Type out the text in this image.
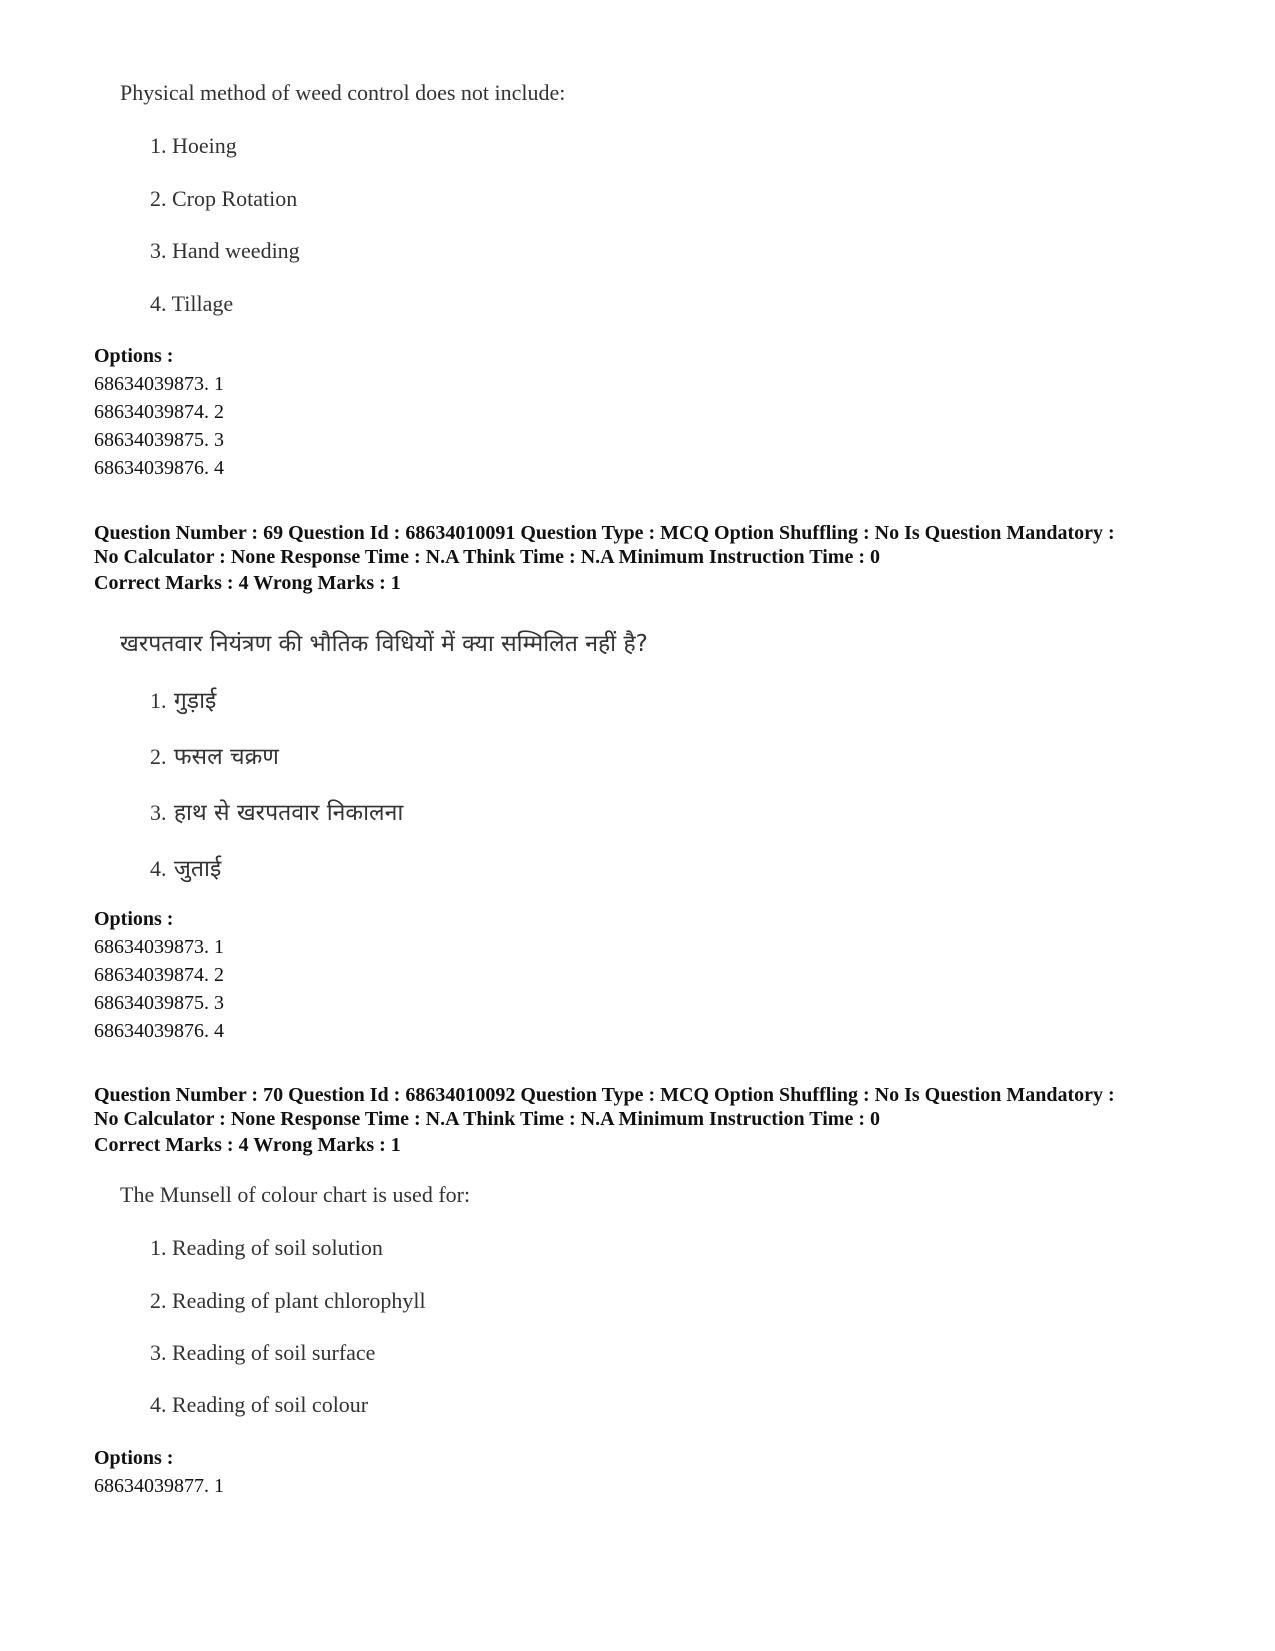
Physical method of weed control does not include:
1. Hoeing
2. Crop Rotation
3. Hand weeding
4. Tillage
Options :
68634039873. 1
68634039874. 2
68634039875. 3
68634039876. 4
Question Number : 69 Question Id : 68634010091 Question Type : MCQ Option Shuffling : No Is Question Mandatory :
No Calculator : None Response Time : N.A Think Time : N.A Minimum Instruction Time : 0
Correct Marks : 4 Wrong Marks : 1
खरपतवार नियंत्रण की भौतिक विधियों में क्या सम्मिलित नहीं है?
1. गुड़ाई
2. फसल चक्रण
3. हाथ से खरपतवार निकालना
4. जुताई
Options :
68634039873. 1
68634039874. 2
68634039875. 3
68634039876. 4
Question Number : 70 Question Id : 68634010092 Question Type : MCQ Option Shuffling : No Is Question Mandatory :
No Calculator : None Response Time : N.A Think Time : N.A Minimum Instruction Time : 0
Correct Marks : 4 Wrong Marks : 1
The Munsell of colour chart is used for:
1. Reading of soil solution
2. Reading of plant chlorophyll
3. Reading of soil surface
4. Reading of soil colour
Options :
68634039877. 1
